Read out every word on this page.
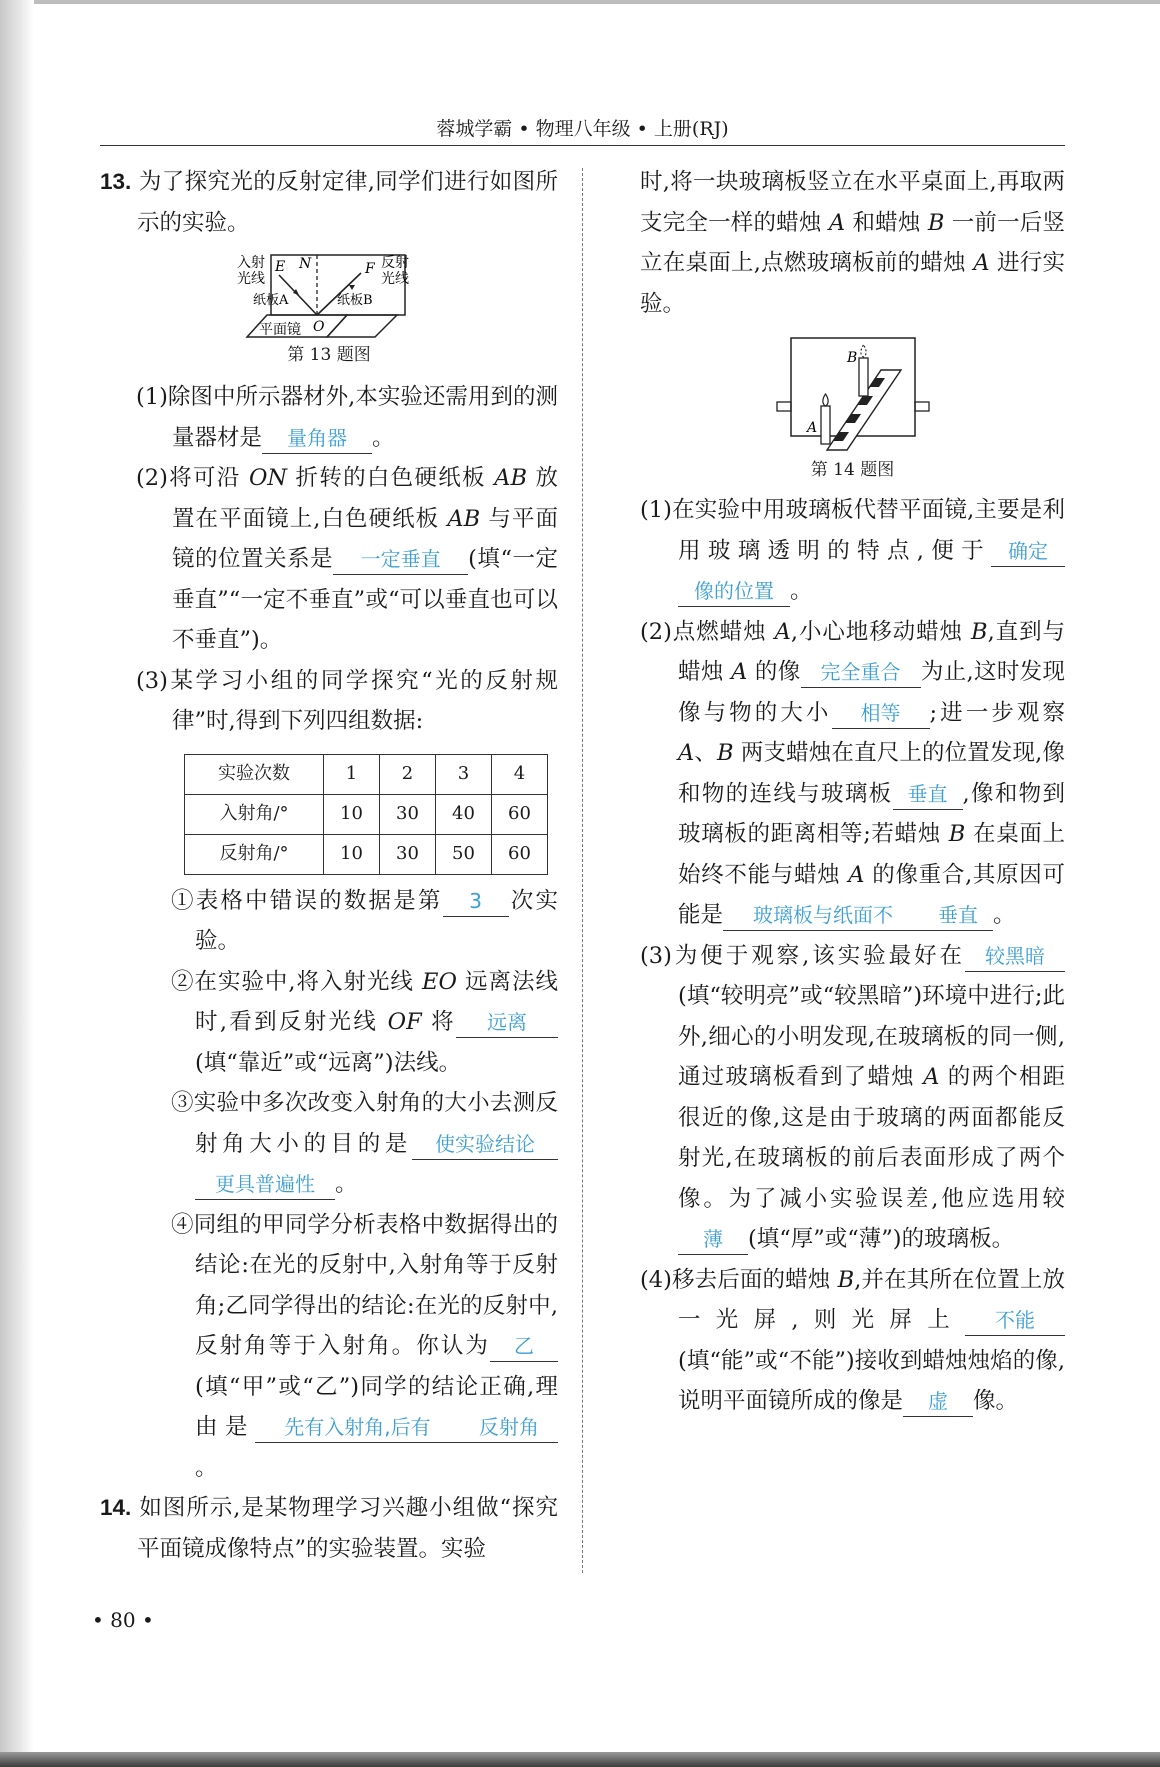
蓉城学霸 • 物理八年级 • 上册(RJ)
13. 为了探究光的反射定律,同学们进行如图所示的实验。
入射
光线
E N	F 反射
光线
纸板A	纸板B
O
平面镜
第 13 题图
(1)除图中所示器材外,本实验还需用到的测量器材是 量角器 。
(2)将可沿 ON 折转的白色硬纸板 AB 放置在平面镜上,白色硬纸板 AB 与平面镜的位置关系是 一定垂直 (填“一定垂直”“一定不垂直”或“可以垂直也可以不垂直”)。
(3)某学习小组的同学探究“光的反射规律”时,得到下列四组数据:
实验次数	1	2	3	4
入射角/°	10	30	40	60
反射角/°	10	30	50	60
①表格中错误的数据是第 3 次实验。
②在实验中,将入射光线 EO 远离法线时,看到反射光线 OF 将 远离(填“靠近”或“远离”)法线。
③实验中多次改变入射角的大小去测反射角大小的目的是 使实验结论更具普遍性 。
④同组的甲同学分析表格中数据得出的结论:在光的反射中,入射角等于反射角;乙同学得出的结论:在光的反射中,反射角等于入射角。你认为 乙(填“甲”或“乙”)同学的结论正确,理由是 先有入射角,后有 反射角。
14. 如图所示,是某物理学习兴趣小组做“探究平面镜成像特点”的实验装置。实验
时,将一块玻璃板竖立在水平桌面上,再取两支完全一样的蜡烛 A 和蜡烛 B 一前一后竖立在桌面上,点燃玻璃板前的蜡烛 A 进行实验。
A
B
第 14 题图
(1)在实验中用玻璃板代替平面镜,主要是利用玻璃透明的特点,便于 确定像的位置 。
(2)点燃蜡烛 A,小心地移动蜡烛 B,直到与蜡烛 A 的像 完全重合 为止,这时发现像与物的大小 相等 ;进一步观察 A、B 两支蜡烛在直尺上的位置发现,像和物的连线与玻璃板 垂直 ,像和物到玻璃板的距离相等;若蜡烛 B 在桌面上始终不能与蜡烛 A 的像重合,其原因可能是 玻璃板与纸面不 垂直 。
(3)为便于观察,该实验最好在 较黑暗(填“较明亮”或“较黑暗”)环境中进行;此外,细心的小明发现,在玻璃板的同一侧,通过玻璃板看到了蜡烛 A 的两个相距很近的像,这是由于玻璃的两面都能反射光,在玻璃板的前后表面形成了两个像。为了减小实验误差,他应选用较薄 (填“厚”或“薄”)的玻璃板。
(4)移去后面的蜡烛 B,并在其所在位置上放一光屏,则光屏上 不能(填“能”或“不能”)接收到蜡烛烛焰的像,说明平面镜所成的像是 虚 像。
• 80 •
